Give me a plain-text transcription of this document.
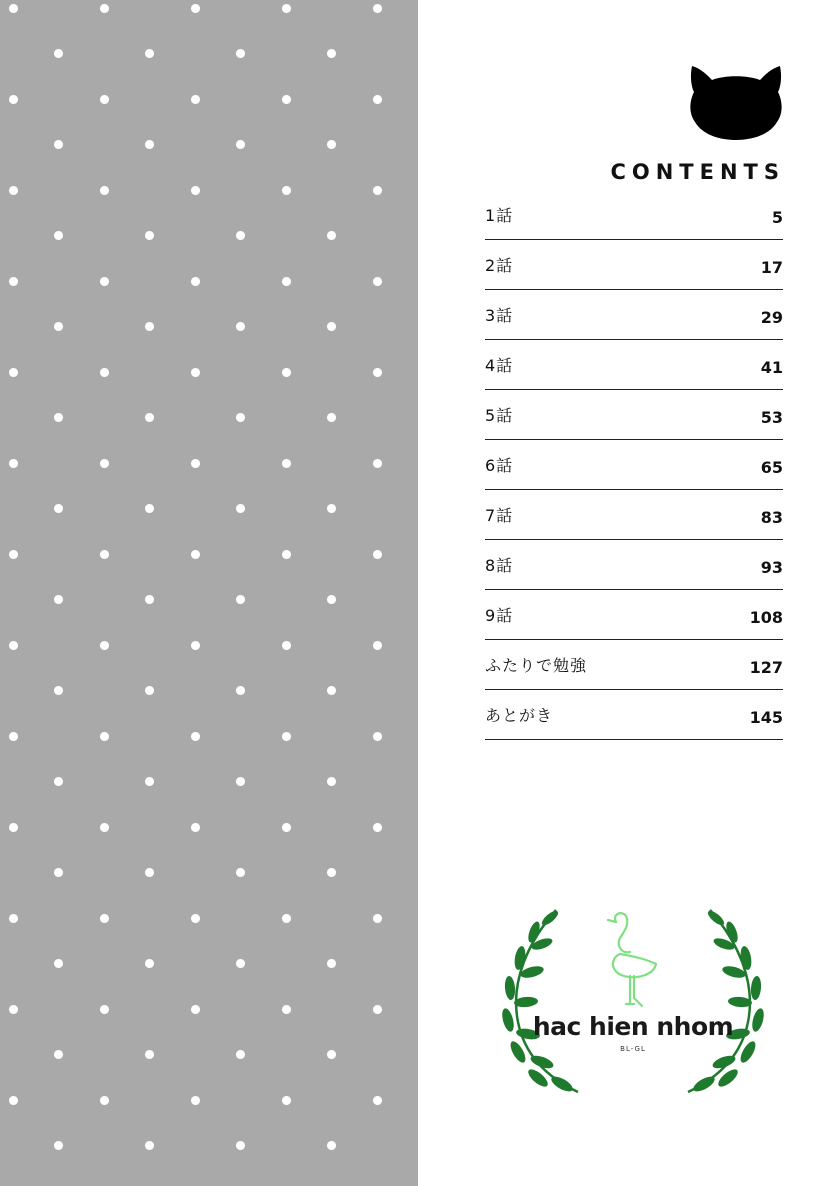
CONTENTS
1話	5
2話	17
3話	29
4話	41
5話	53
6話	65
7話	83
8話	93
9話	108
ふたりで勉強	127
あとがき	145
hac hien nhom
BL-GL
